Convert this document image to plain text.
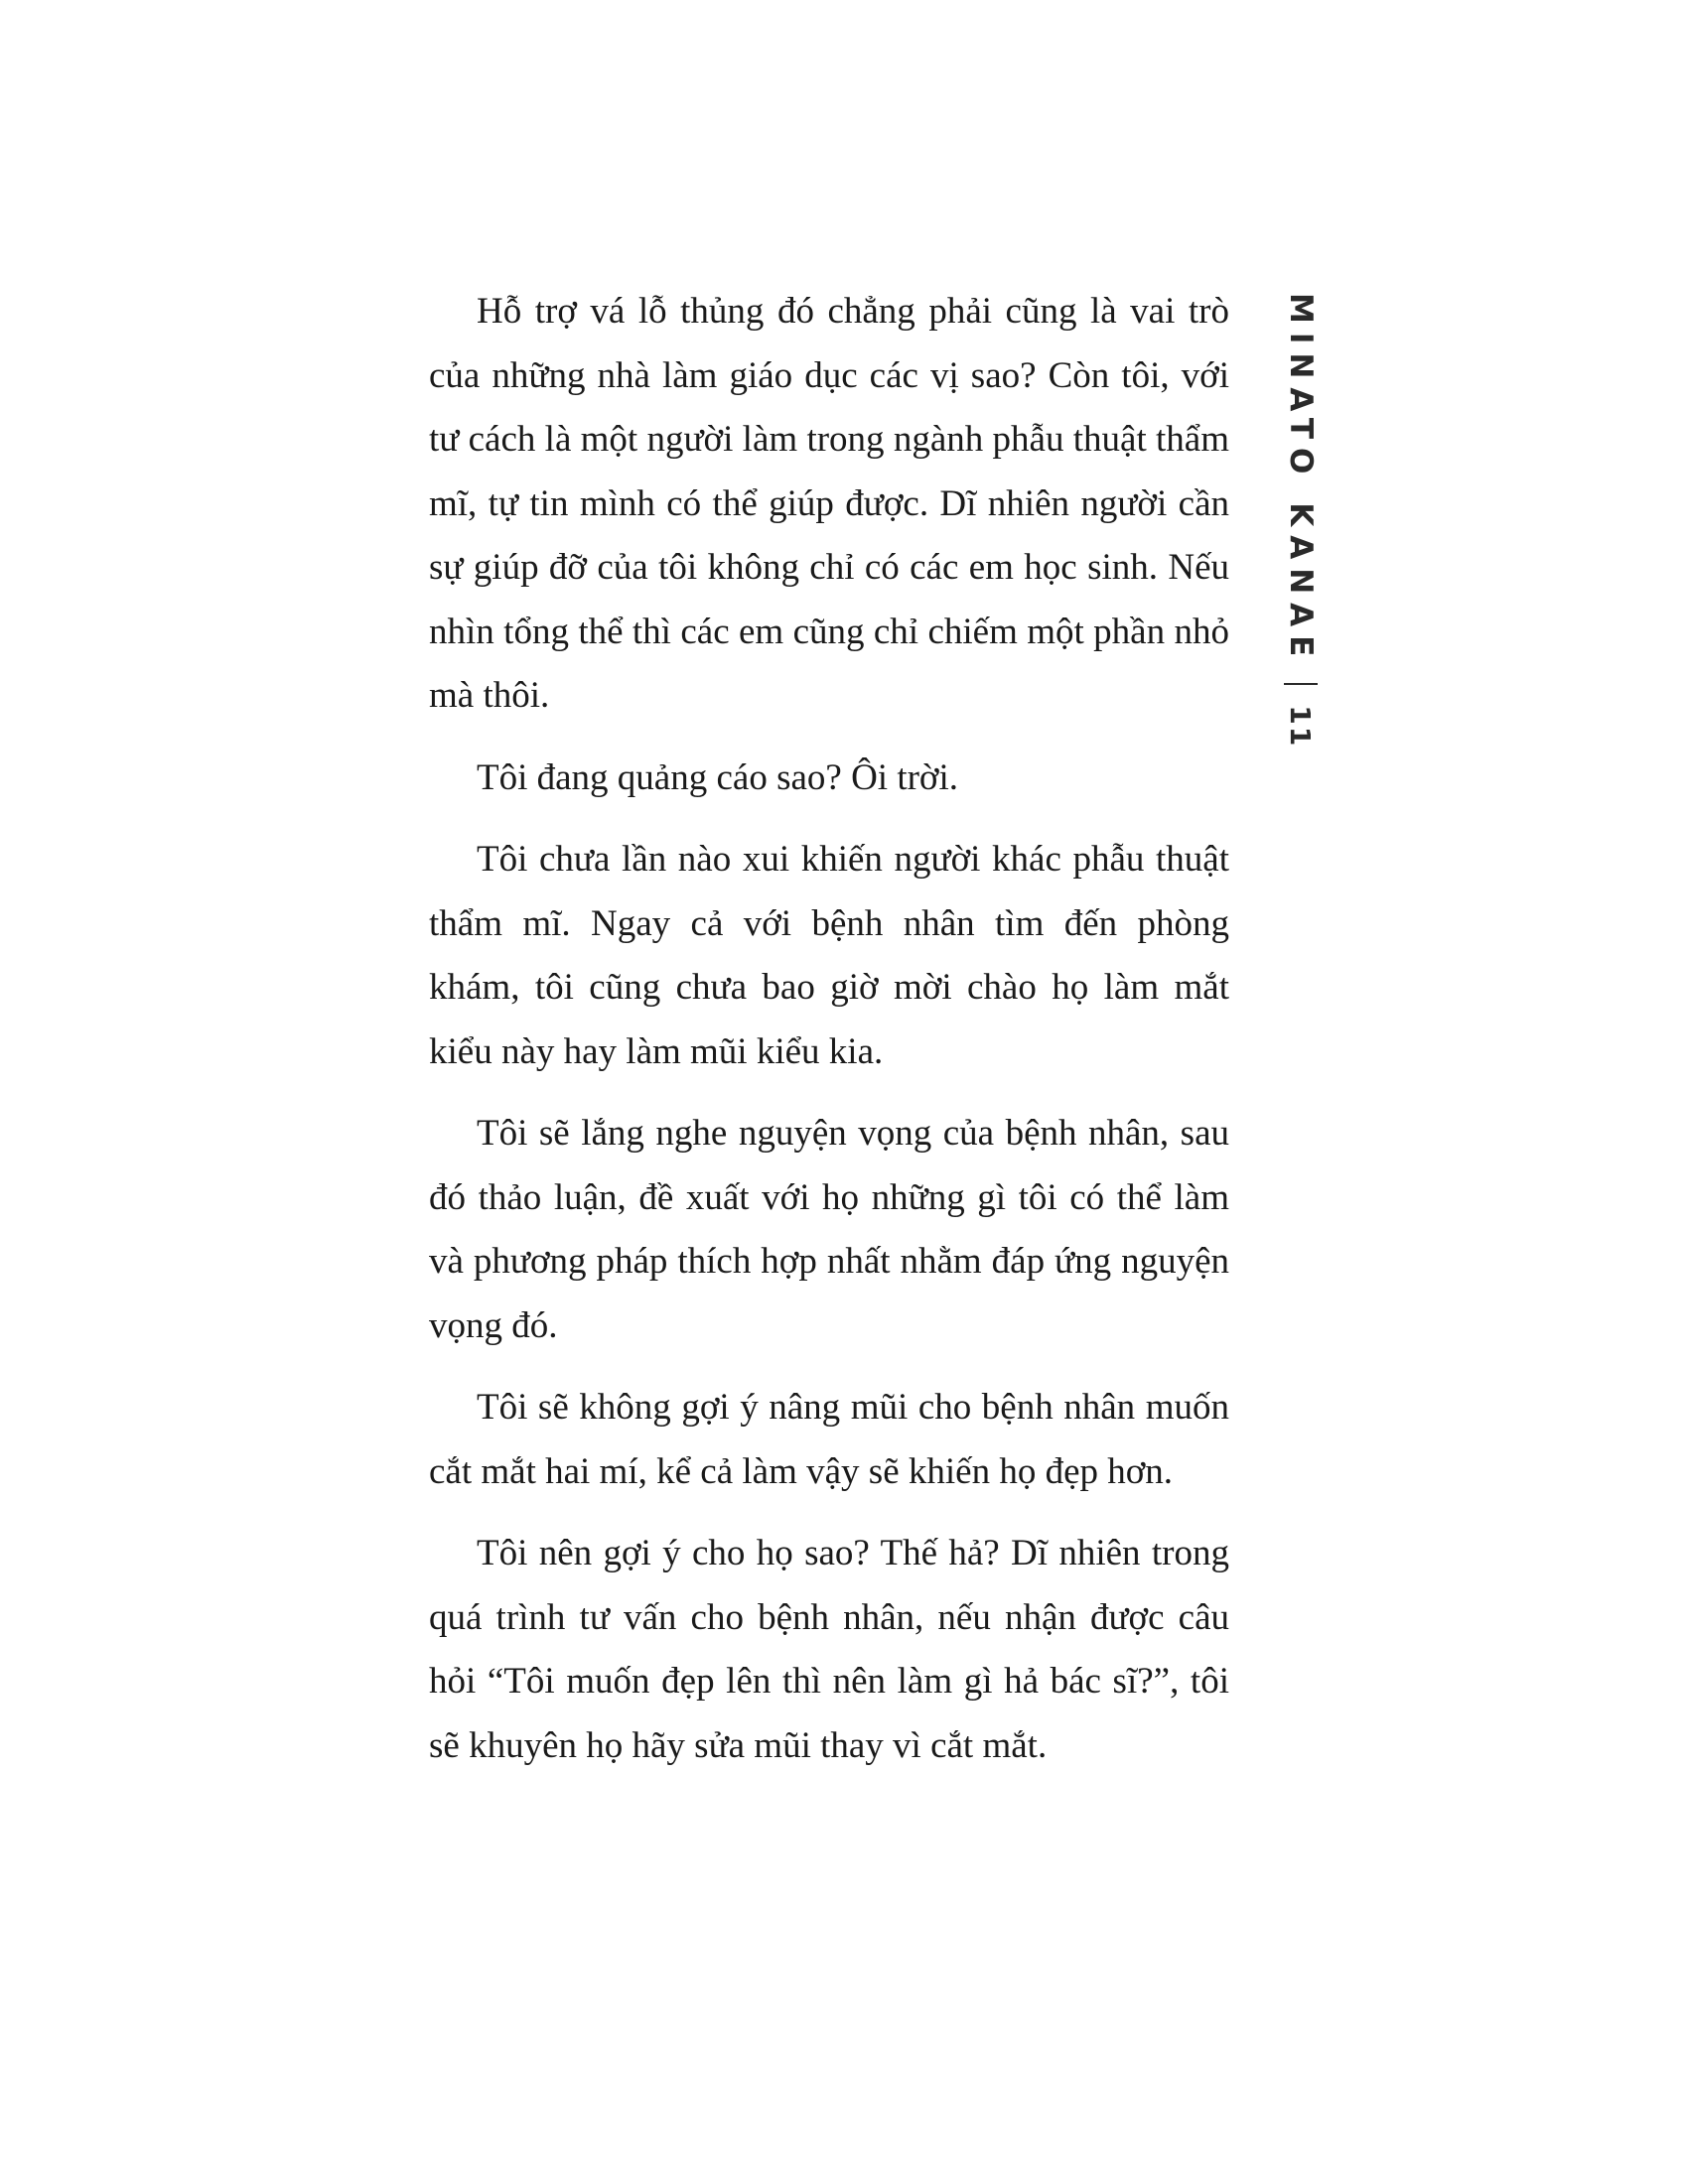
Hỗ trợ vá lỗ thủng đó chẳng phải cũng là vai trò của những nhà làm giáo dục các vị sao? Còn tôi, với tư cách là một người làm trong ngành phẫu thuật thẩm mĩ, tự tin mình có thể giúp được. Dĩ nhiên người cần sự giúp đỡ của tôi không chỉ có các em học sinh. Nếu nhìn tổng thể thì các em cũng chỉ chiếm một phần nhỏ mà thôi.

Tôi đang quảng cáo sao? Ôi trời.

Tôi chưa lần nào xui khiến người khác phẫu thuật thẩm mĩ. Ngay cả với bệnh nhân tìm đến phòng khám, tôi cũng chưa bao giờ mời chào họ làm mắt kiểu này hay làm mũi kiểu kia.

Tôi sẽ lắng nghe nguyện vọng của bệnh nhân, sau đó thảo luận, đề xuất với họ những gì tôi có thể làm và phương pháp thích hợp nhất nhằm đáp ứng nguyện vọng đó.

Tôi sẽ không gợi ý nâng mũi cho bệnh nhân muốn cắt mắt hai mí, kể cả làm vậy sẽ khiến họ đẹp hơn.

Tôi nên gợi ý cho họ sao? Thế hả? Dĩ nhiên trong quá trình tư vấn cho bệnh nhân, nếu nhận được câu hỏi “Tôi muốn đẹp lên thì nên làm gì hả bác sĩ?”, tôi sẽ khuyên họ hãy sửa mũi thay vì cắt mắt.

MINATO KANAE
11
